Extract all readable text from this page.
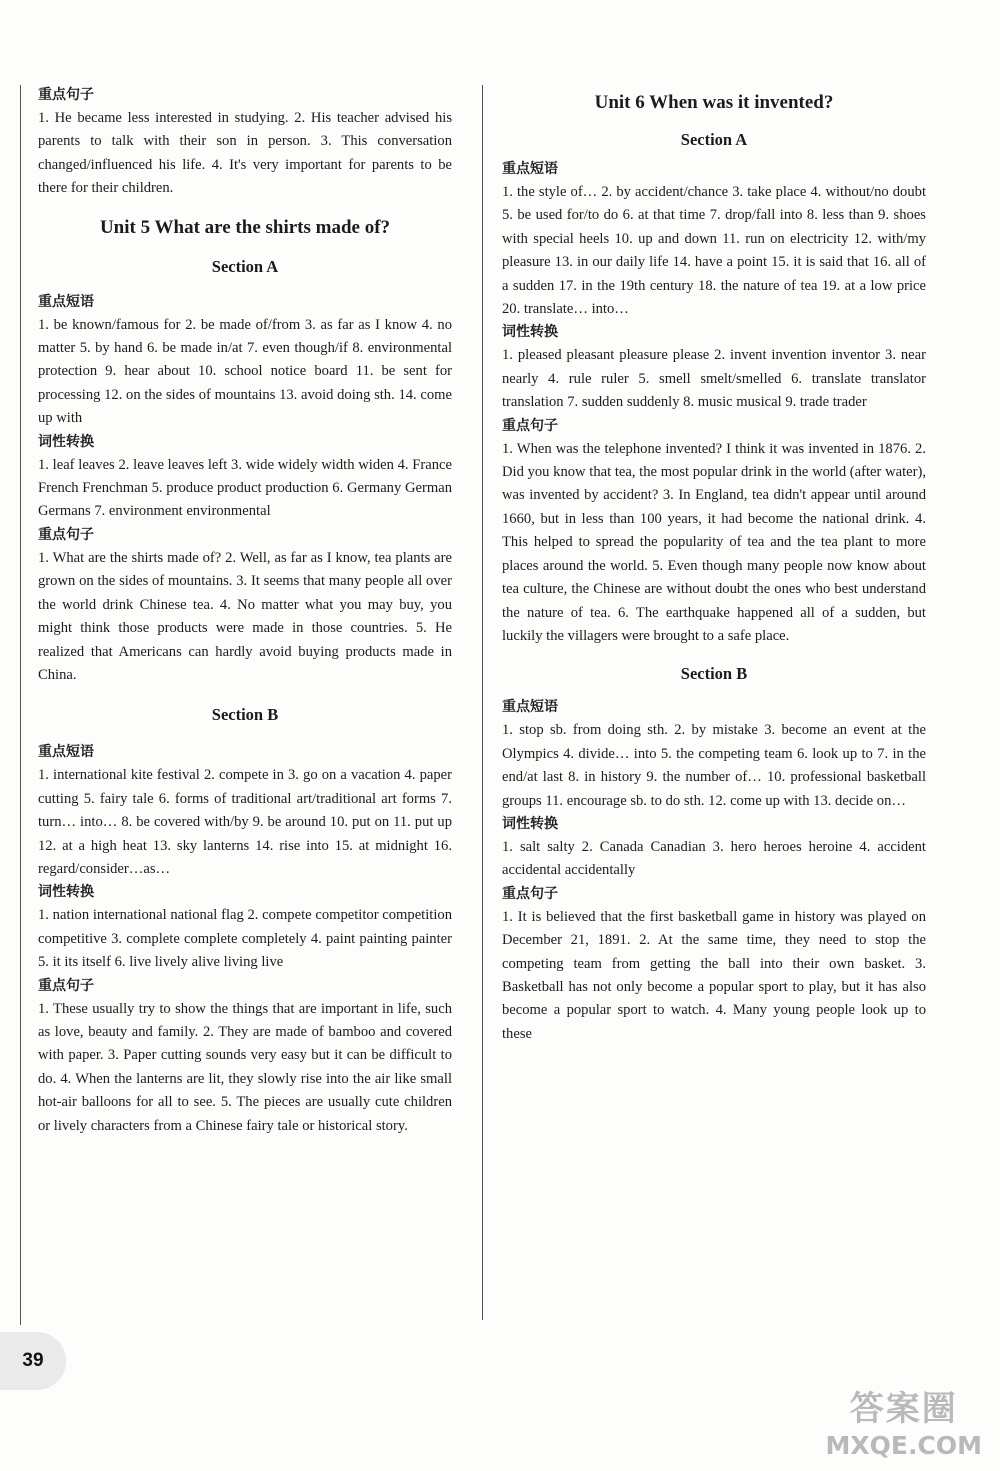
重点句子
1. He became less interested in studying. 2. His teacher advised his parents to talk with their son in person. 3. This conversation changed/influenced his life. 4. It's very important for parents to be there for their children.
Unit 5 What are the shirts made of?
Section A
重点短语
1. be known/famous for 2. be made of/from 3. as far as I know 4. no matter 5. by hand 6. be made in/at 7. even though/if 8. environmental protection 9. hear about 10. school notice board 11. be sent for processing 12. on the sides of mountains 13. avoid doing sth. 14. come up with
词性转换
1. leaf leaves 2. leave leaves left 3. wide widely width widen 4. France French Frenchman 5. produce product production 6. Germany German Germans 7. environment environmental
重点句子
1. What are the shirts made of? 2. Well, as far as I know, tea plants are grown on the sides of mountains. 3. It seems that many people all over the world drink Chinese tea. 4. No matter what you may buy, you might think those products were made in those countries. 5. He realized that Americans can hardly avoid buying products made in China.
Section B
重点短语
1. international kite festival 2. compete in 3. go on a vacation 4. paper cutting 5. fairy tale 6. forms of traditional art/traditional art forms 7. turn… into… 8. be covered with/by 9. be around 10. put on 11. put up 12. at a high heat 13. sky lanterns 14. rise into 15. at midnight 16. regard/consider…as…
词性转换
1. nation international national flag 2. compete competitor competition competitive 3. complete complete completely 4. paint painting painter 5. it its itself 6. live lively alive living live
重点句子
1. These usually try to show the things that are important in life, such as love, beauty and family. 2. They are made of bamboo and covered with paper. 3. Paper cutting sounds very easy but it can be difficult to do. 4. When the lanterns are lit, they slowly rise into the air like small hot-air balloons for all to see. 5. The pieces are usually cute children or lively characters from a Chinese fairy tale or historical story.
Unit 6 When was it invented?
Section A
重点短语
1. the style of… 2. by accident/chance 3. take place 4. without/no doubt 5. be used for/to do 6. at that time 7. drop/fall into 8. less than 9. shoes with special heels 10. up and down 11. run on electricity 12. with/my pleasure 13. in our daily life 14. have a point 15. it is said that 16. all of a sudden 17. in the 19th century 18. the nature of tea 19. at a low price 20. translate… into…
词性转换
1. pleased pleasant pleasure please 2. invent invention inventor 3. near nearly 4. rule ruler 5. smell smelt/smelled 6. translate translator translation 7. sudden suddenly 8. music musical 9. trade trader
重点句子
1. When was the telephone invented? I think it was invented in 1876. 2. Did you know that tea, the most popular drink in the world (after water), was invented by accident? 3. In England, tea didn't appear until around 1660, but in less than 100 years, it had become the national drink. 4. This helped to spread the popularity of tea and the tea plant to more places around the world. 5. Even though many people now know about tea culture, the Chinese are without doubt the ones who best understand the nature of tea. 6. The earthquake happened all of a sudden, but luckily the villagers were brought to a safe place.
Section B
重点短语
1. stop sb. from doing sth. 2. by mistake 3. become an event at the Olympics 4. divide… into 5. the competing team 6. look up to 7. in the end/at last 8. in history 9. the number of… 10. professional basketball groups 11. encourage sb. to do sth. 12. come up with 13. decide on…
词性转换
1. salt salty 2. Canada Canadian 3. hero heroes heroine 4. accident accidental accidentally
重点句子
1. It is believed that the first basketball game in history was played on December 21, 1891. 2. At the same time, they need to stop the competing team from getting the ball into their own basket. 3. Basketball has not only become a popular sport to play, but it has also become a popular sport to watch. 4. Many young people look up to these
39
答案圈
MXQE.COM
